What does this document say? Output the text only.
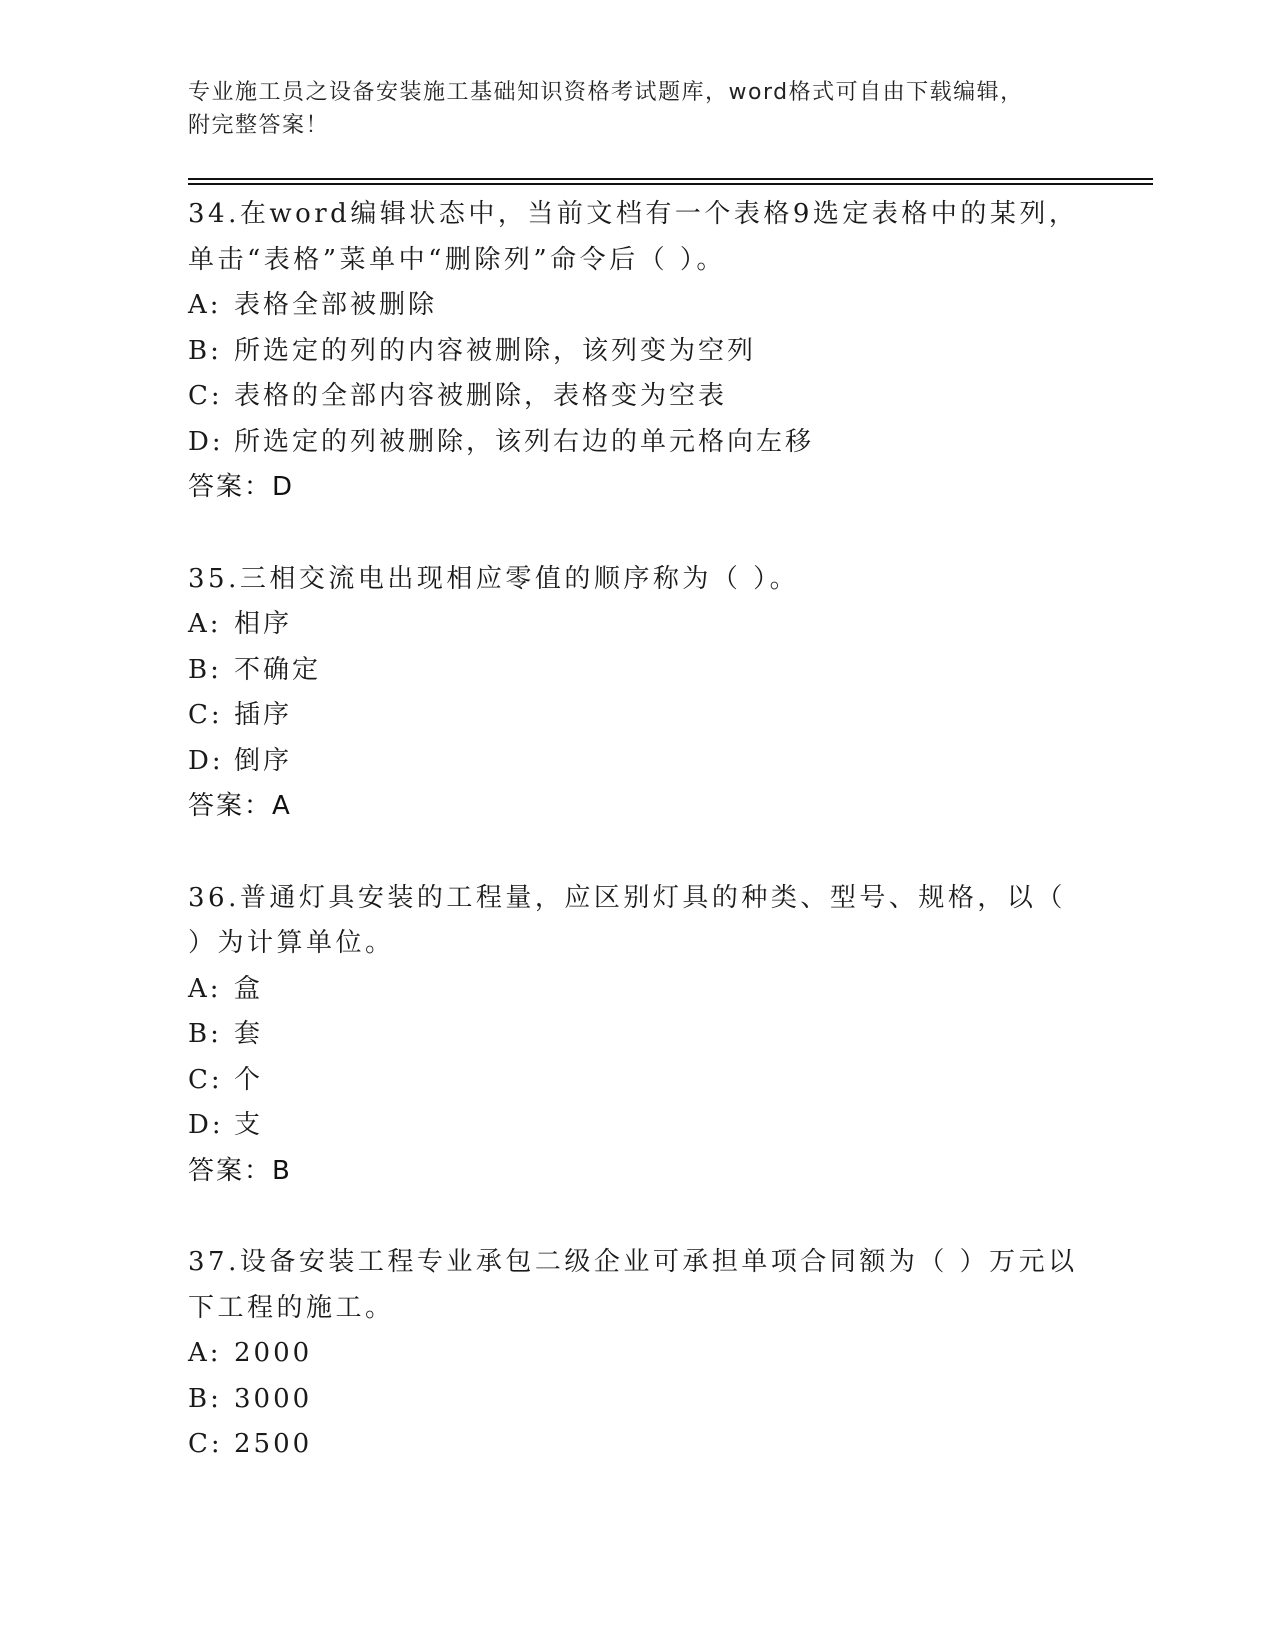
专业施工员之设备安装施工基础知识资格考试题库，word格式可自由下载编辑，
附完整答案！
34.在word编辑状态中，当前文档有一个表格9选定表格中的某列，
单击“表格”菜单中“删除列”命令后（ ）。
A: 表格全部被删除
B: 所选定的列的内容被删除，该列变为空列
C: 表格的全部内容被删除，表格变为空表
D: 所选定的列被删除，该列右边的单元格向左移
答案：D
35.三相交流电出现相应零值的顺序称为（ ）。
A: 相序
B: 不确定
C: 插序
D: 倒序
答案：A
36.普通灯具安装的工程量，应区别灯具的种类、型号、规格，以（
）为计算单位。
A: 盒
B: 套
C: 个
D: 支
答案：B
37.设备安装工程专业承包二级企业可承担单项合同额为（ ）万元以
下工程的施工。
A: 2000
B: 3000
C: 2500
